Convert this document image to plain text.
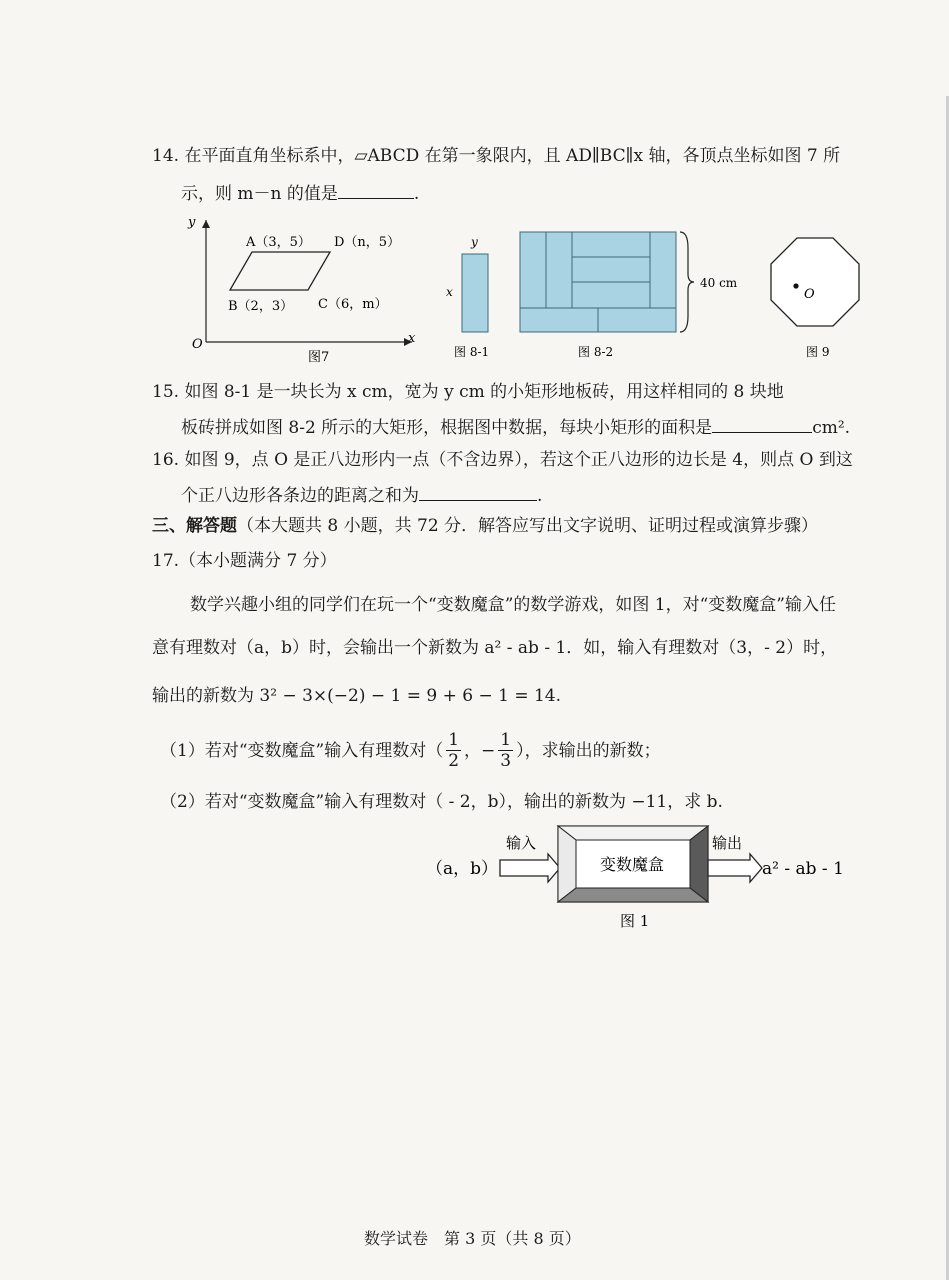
14. 在平面直角坐标系中，▱ABCD 在第一象限内，且 AD∥BC∥x 轴，各顶点坐标如图 7 所
示，则 m－n 的值是	.
y
x
O
A（3，5） D（n，5）
B（2，3） C（6，m）
图7
y
x
图 8-1
40 cm
图 8-2
O
图 9
15. 如图 8-1 是一块长为 x cm，宽为 y cm 的小矩形地板砖，用这样相同的 8 块地
板砖拼成如图 8-2 所示的大矩形，根据图中数据，每块小矩形的面积是	cm².
16. 如图 9，点 O 是正八边形内一点（不含边界），若这个正八边形的边长是 4，则点 O 到这
个正八边形各条边的距离之和为	.
三、解答题（本大题共 8 小题，共 72 分．解答应写出文字说明、证明过程或演算步骤）
17.（本小题满分 7 分）
数学兴趣小组的同学们在玩一个“变数魔盒”的数学游戏，如图 1，对“变数魔盒”输入任
意有理数对（a，b）时，会输出一个新数为 a² - ab - 1．如，输入有理数对（3，- 2）时，
输出的新数为 3² − 3×(−2) − 1 = 9 + 6 − 1 = 14.
（1）若对“变数魔盒”输入有理数对（ $\frac{1}{2}$ ，− $\frac{1}{3}$ ），求输出的新数；
（2）若对“变数魔盒”输入有理数对（ - 2，b），输出的新数为 −11，求 b.
（a，b）
输入
变数魔盒
输出
a² - ab - 1
图 1
数学试卷　第 3 页（共 8 页）
